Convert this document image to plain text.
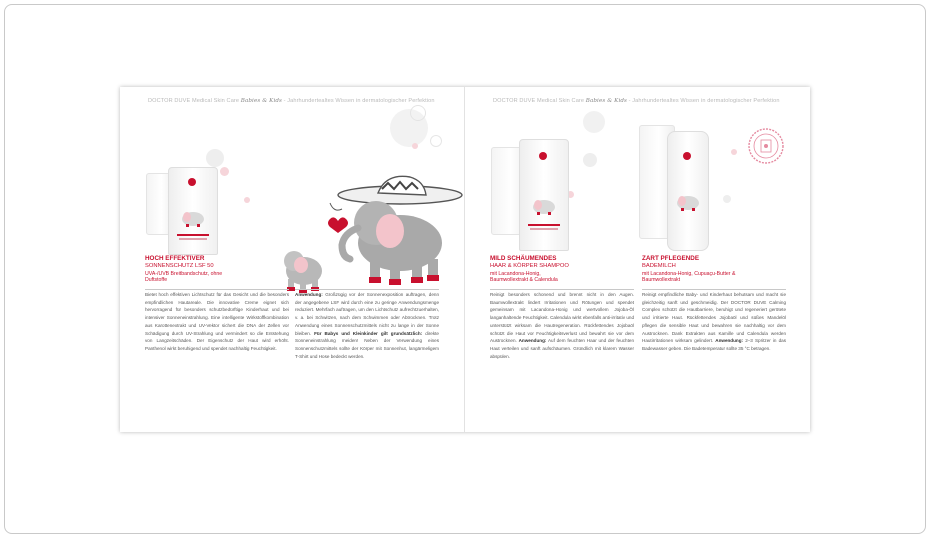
DOCTOR DUVE Medical Skin Care Babies & Kids - Jahrhundertealtes Wissen in dermatologischer Perfektion
HOCH EFFEKTIVER
SONNENSCHUTZ LSF 50
UVA-/UVB Breitbandschutz, ohne Duftstoffe
Bietet hoch effektiven Lichtschutz für das Gesicht und die besonders empfindlichen Hautareale. Die innovative Creme eignet sich hervorragend für besonders schutzbedürftige Kinderhaut und bei intensiver Sonneneinstrahlung. Eine intelligente Wirkstoffkombination aus Karottenextrakt und UV-Vektor sichert die DNA der Zellen vor Schädigung durch UV-Strahlung und vermindert so die Entstehung von Langzeitschäden. Der Eigenschutz der Haut wird erhöht. Panthenol wirkt beruhigend und spendet nachhaltig Feuchtigkeit.
Anwendung: Großzügig vor der Sonnenexposition auftragen, denn der angegebene LSF wird durch eine zu geringe Anwendungsmenge reduziert. Mehrfach auftragen, um den Lichtschutz aufrechtzuerhalten, v. a. bei Schwitzen, nach dem Schwimmen oder Abtrocknen. Trotz Anwendung eines Sonnenschutzmittels nicht zu lange in der Sonne bleiben. Für Babys und Kleinkinder gilt grundsätzlich: direkte Sonneneinstrahlung meiden! Neben der Verwendung eines Sonnenschutzmittels sollte der Körper mit Sonnenhut, langärmeligem T-Shirt und Hose bedeckt werden.
DOCTOR DUVE Medical Skin Care Babies & Kids - Jahrhundertealtes Wissen in dermatologischer Perfektion
MILD SCHÄUMENDES
HAAR & KÖRPER SHAMPOO
mit Lacandona-Honig, Baumwollextrakt & Calendula
ZART PFLEGENDE
BADEMILCH
mit Lacandona-Honig, Cupuaçu-Butter & Baumwollextrakt
Reinigt besonders schonend und brennt nicht in den Augen. Baumwollextrakt lindert Irritationen und Rötungen und spendet gemeinsam mit Lacandona-Honig und wertvollem Jojoba-Öl langanhaltende Feuchtigkeit. Calendula wirkt ebenfalls anti-irritativ und unterstützt wirksam die Hautregeneration. Rückfettendes Jojobaöl schützt die Haut vor Feuchtigkeitsverlust und bewahrt sie vor dem Austrocknen. Anwendung: Auf dem feuchten Haar und der feuchten Haut verteilen und sanft aufschäumen. Gründlich mit klarem Wasser abspülen.
Reinigt empfindliche Baby- und Kinderhaut behutsam und macht sie gleichzeitig sanft und geschmeidig. Der DOCTOR DUVE Calming Complex schützt die Hautbarriere, beruhigt und regeneriert gerötete und irritierte Haut. Rückfettendes Jojobaöl und süßes Mandelöl pflegen die sensible Haut und bewahren sie nachhaltig vor dem Austrocknen. Dank Extrakten aus Kamille und Calendula werden Hautirritationen wirksam gelindert. Anwendung: 2–3 Spritzer in das Badewasser geben. Die Badetemperatur sollte 35 °C betragen.
